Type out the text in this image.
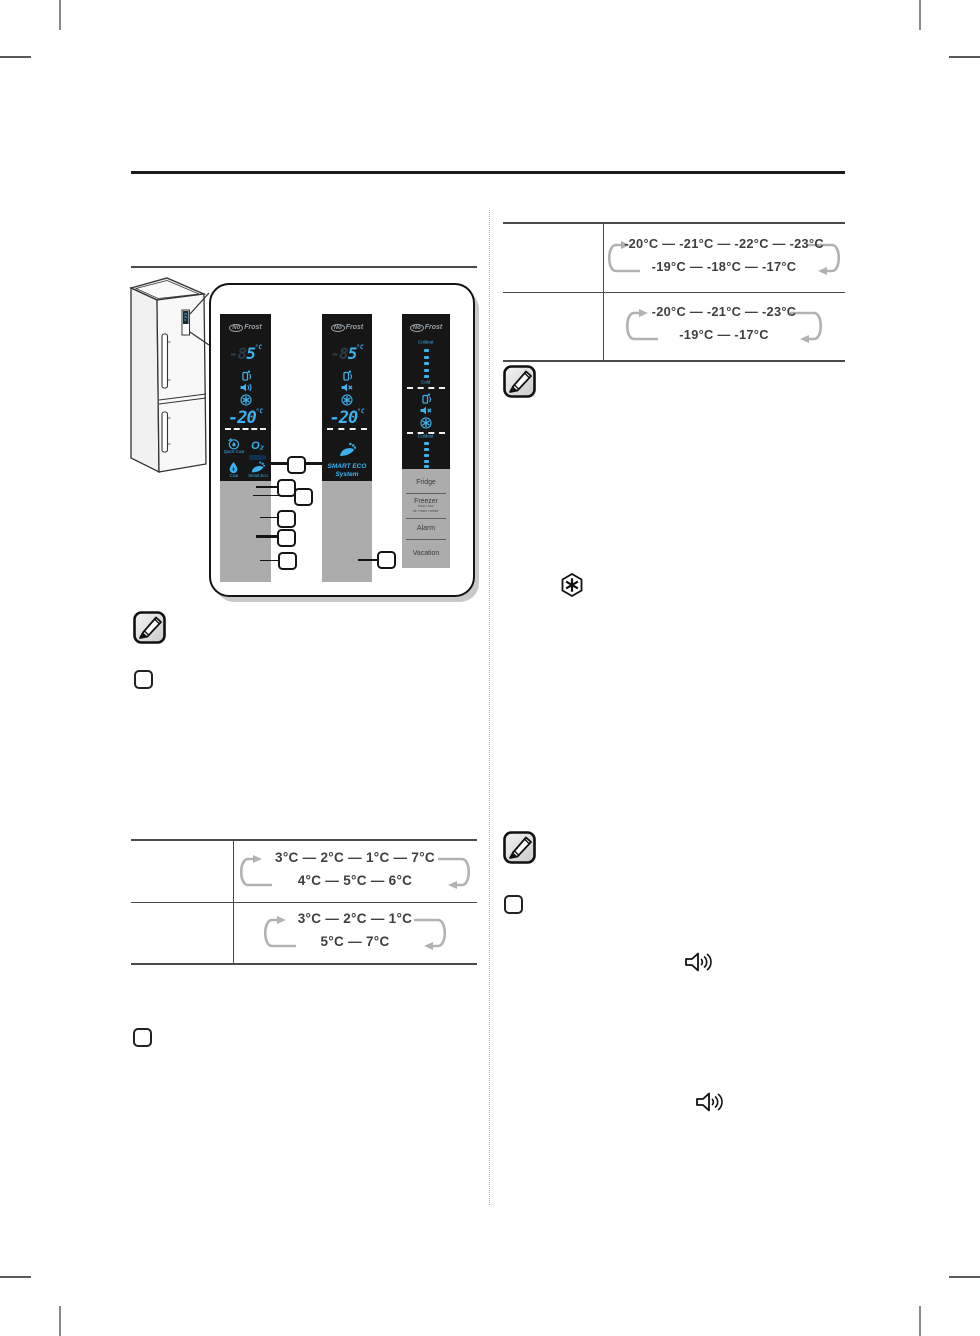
No Frost
$-85^{^\circ C}$
$-20^{^\circ C}$
Quick Cool
O₂
Cool	Smart Eco
No Frost
$-85^{^\circ C}$
$-20^{^\circ C}$
SMART ECO
System
No Frost
Coldest
Cold
Coldest
Fridge
Freezer
Hold 3 sec
for Power Freeze
Alarm
Vacation
3°C — 2°C — 1°C — 7°C
4°C — 5°C — 6°C
3°C — 2°C — 1°C
5°C — 7°C
-20°C — -21°C — -22°C — -23°C
-19°C — -18°C — -17°C
-20°C — -21°C — -23°C
-19°C — -17°C
